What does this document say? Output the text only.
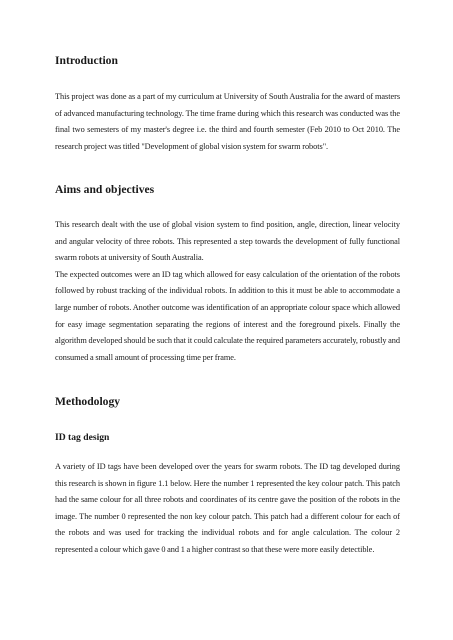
Introduction

This project was done as a part of my curriculum at University of South Australia for the award of masters of advanced manufacturing technology. The time frame during which this research was conducted was the final two semesters of my master's degree i.e. the third and fourth semester (Feb 2010 to Oct 2010. The research project was titled "Development of global vision system for swarm robots".

Aims and objectives

This research dealt with the use of global vision system to find position, angle, direction, linear velocity and angular velocity of three robots. This represented a step towards the development of fully functional swarm robots at university of South Australia.

The expected outcomes were an ID tag which allowed for easy calculation of the orientation of the robots followed by robust tracking of the individual robots. In addition to this it must be able to accommodate a large number of robots. Another outcome was identification of an appropriate colour space which allowed for easy image segmentation separating the regions of interest and the foreground pixels. Finally the algorithm developed should be such that it could calculate the required parameters accurately, robustly and consumed a small amount of processing time per frame.

Methodology
ID tag design

A variety of ID tags have been developed over the years for swarm robots. The ID tag developed during this research is shown in figure 1.1 below. Here the number 1 represented the key colour patch. This patch had the same colour for all three robots and coordinates of its centre gave the position of the robots in the image. The number 0 represented the non key colour patch. This patch had a different colour for each of the robots and was used for tracking the individual robots and for angle calculation. The colour 2 represented a colour which gave 0 and 1 a higher contrast so that these were more easily detectible.
